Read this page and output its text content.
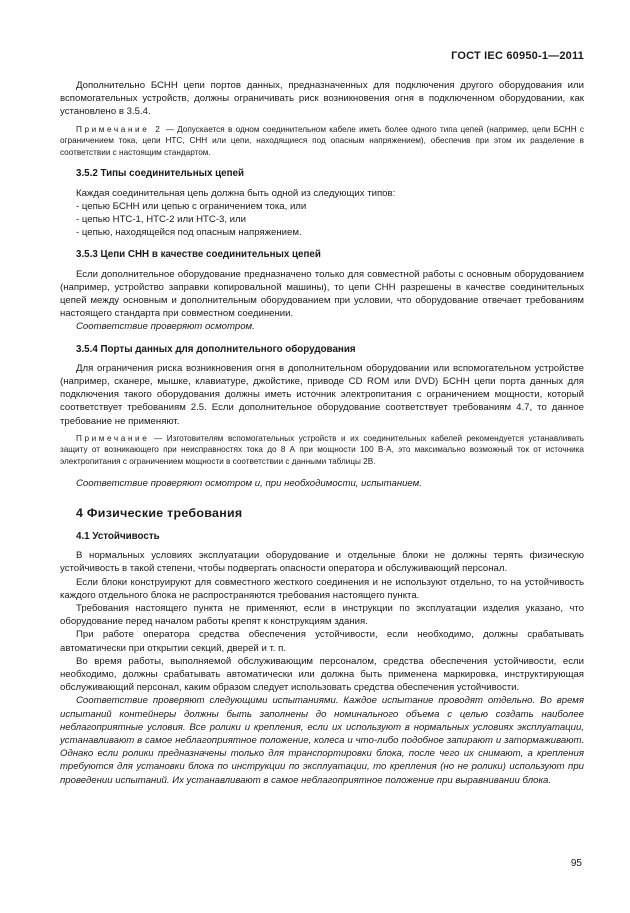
ГОСТ IEC 60950-1—2011

Дополнительно БСНН цепи портов данных, предназначенных для подключения другого оборудования или вспомогательных устройств, должны ограничивать риск возникновения огня в подключенном оборудовании, как установлено в 3.5.4.

Примечание 2 — Допускается в одном соединительном кабеле иметь более одного типа цепей (например, цепи БСНН с ограничением тока, цепи НТС, СНН или цепи, находящиеся под опасным напряжением), обеспечив при этом их разделение в соответствии с настоящим стандартом.

3.5.2 Типы соединительных цепей

Каждая соединительная цепь должна быть одной из следующих типов:

- цепью БСНН или цепью с ограничением тока, или
- цепью НТС-1, НТС-2 или НТС-3, или
- цепью, находящейся под опасным напряжением.
3.5.3 Цепи СНН в качестве соединительных цепей

Если дополнительное оборудование предназначено только для совместной работы с основным оборудованием (например, устройство заправки копировальной машины), то цепи СНН разрешены в качестве соединительных цепей между основным и дополнительным оборудованием при условии, что оборудование отвечает требованиям настоящего стандарта при совместном соединении.

Соответствие проверяют осмотром.

3.5.4 Порты данных для дополнительного оборудования

Для ограничения риска возникновения огня в дополнительном оборудовании или вспомогательном устройстве (например, сканере, мышке, клавиатуре, джойстике, приводе CD ROM или DVD) БСНН цепи порта данных для подключения такого оборудования должны иметь источник электропитания с ограничением мощности, который соответствует требованиям 2.5. Если дополнительное оборудование соответствует требованиям 4.7, то данное требование не применяют.

Примечание — Изготовителям вспомогательных устройств и их соединительных кабелей рекомендуется устанавливать защиту от возникающего при неисправностях тока до 8 А при мощности 100 В·А, это максимально возможный ток от источника электропитания с ограничением мощности в соответствии с данными таблицы 2В.

Соответствие проверяют осмотром и, при необходимости, испытанием.

4 Физические требования
4.1 Устойчивость

В нормальных условиях эксплуатации оборудование и отдельные блоки не должны терять физическую устойчивость в такой степени, чтобы подвергать опасности оператора и обслуживающий персонал.

Если блоки конструируют для совместного жесткого соединения и не используют отдельно, то на устойчивость каждого отдельного блока не распространяются требования настоящего пункта.

Требования настоящего пункта не применяют, если в инструкции по эксплуатации изделия указано, что оборудование перед началом работы крепят к конструкциям здания.

При работе оператора средства обеспечения устойчивости, если необходимо, должны срабатывать автоматически при открытии секций, дверей и т. п.

Во время работы, выполняемой обслуживающим персоналом, средства обеспечения устойчивости, если необходимо, должны срабатывать автоматически или должна быть применена маркировка, инструктирующая обслуживающий персонал, каким образом следует использовать средства обеспечения устойчивости.

Соответствие проверяют следующими испытаниями. Каждое испытание проводят отдельно. Во время испытаний контейнеры должны быть заполнены до номинального объема с целью создать наиболее неблагоприятные условия. Все ролики и крепления, если их используют в нормальных условиях эксплуатации, устанавливают в самое неблагоприятное положение, колеса и что-либо подобное запирают и затормаживают. Однако если ролики предназначены только для транспортировки блока, после чего их снимают, а крепления требуются для установки блока по инструкции по эксплуатации, то крепления (но не ролики) используют при проведении испытаний. Их устанавливают в самое неблагоприятное положение при выравнивании блока.

95
